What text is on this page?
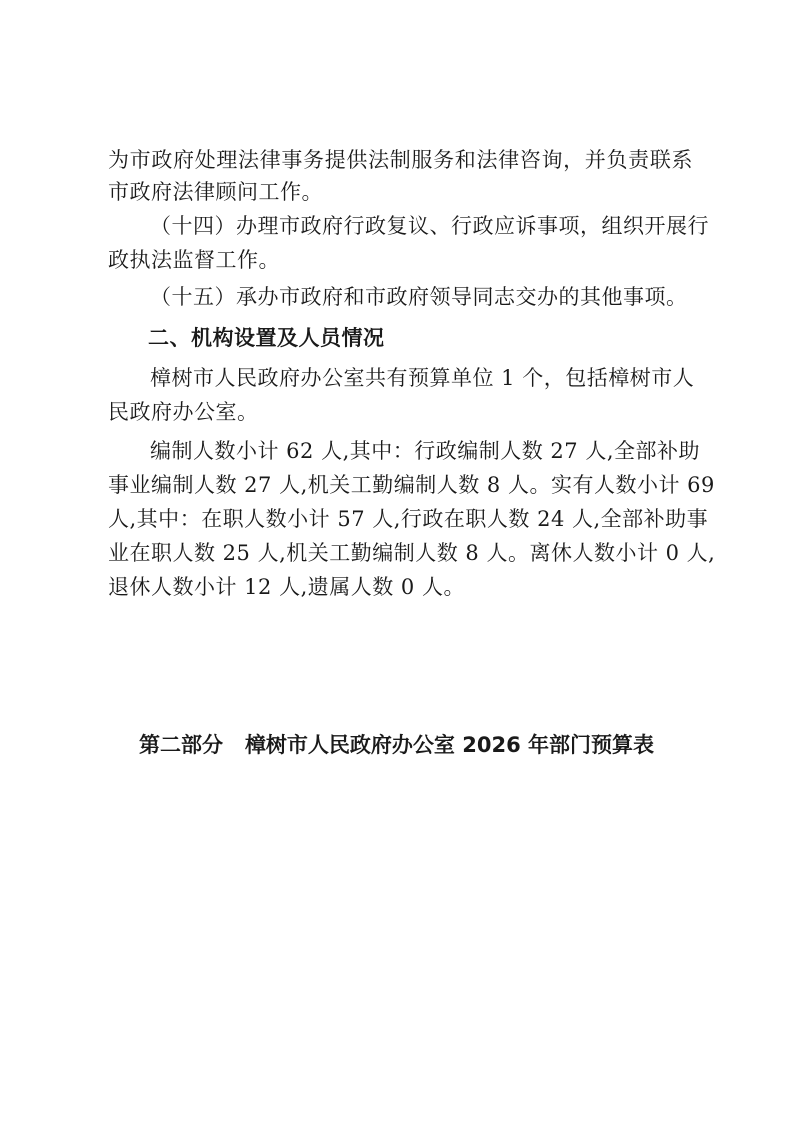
为市政府处理法律事务提供法制服务和法律咨询，并负责联系
市政府法律顾问工作。
（十四）办理市政府行政复议、行政应诉事项，组织开展行
政执法监督工作。
（十五）承办市政府和市政府领导同志交办的其他事项。
二、机构设置及人员情况
樟树市人民政府办公室共有预算单位 1 个，包括樟树市人
民政府办公室。
编制人数小计 62 人,其中：行政编制人数 27 人,全部补助
事业编制人数 27 人,机关工勤编制人数 8 人。实有人数小计 69
人,其中：在职人数小计 57 人,行政在职人数 24 人,全部补助事
业在职人数 25 人,机关工勤编制人数 8 人。离休人数小计 0 人,
退休人数小计 12 人,遗属人数 0 人。
第二部分   樟树市人民政府办公室 2026 年部门预算表
